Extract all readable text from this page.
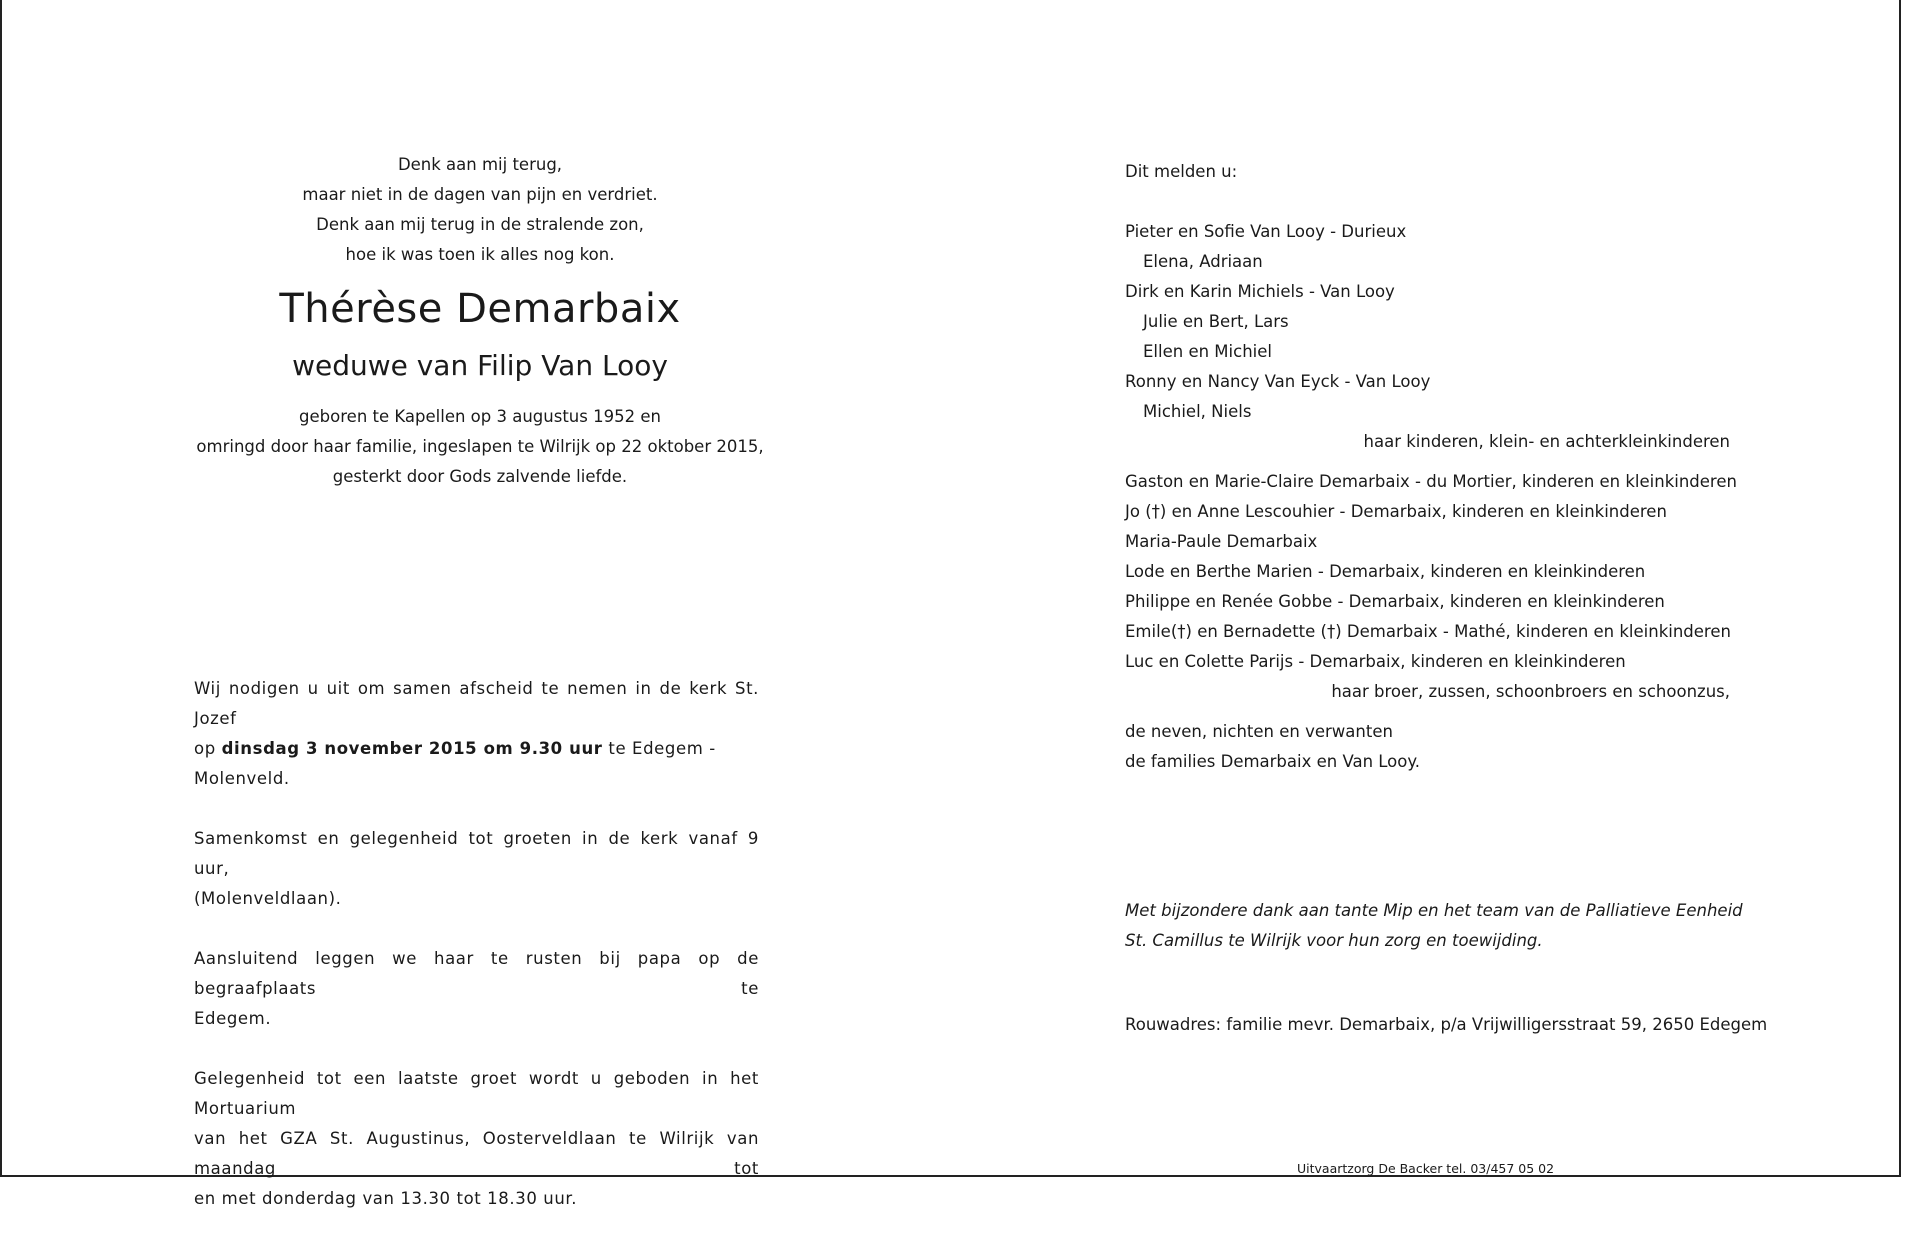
Denk aan mij terug,
maar niet in de dagen van pijn en verdriet.
Denk aan mij terug in de stralende zon,
hoe ik was toen ik alles nog kon.
Thérèse Demarbaix
weduwe van Filip Van Looy
geboren te Kapellen op 3 augustus 1952 en
omringd door haar familie, ingeslapen te Wilrijk op 22 oktober 2015,
gesterkt door Gods zalvende liefde.
Wij nodigen u uit om samen afscheid te nemen in de kerk St. Jozef
op dinsdag 3 november 2015 om 9.30 uur te Edegem - Molenveld.
Samenkomst en gelegenheid tot groeten in de kerk vanaf 9 uur,
(Molenveldlaan).
Aansluitend leggen we haar te rusten bij papa op de begraafplaats te
Edegem.
Gelegenheid tot een laatste groet wordt u geboden in het Mortuarium
van het GZA St. Augustinus, Oosterveldlaan te Wilrijk van maandag tot
en met donderdag van 13.30 tot 18.30 uur.
Dit melden u:
Pieter en Sofie Van Looy - Durieux
Elena, Adriaan
Dirk en Karin Michiels - Van Looy
Julie en Bert, Lars
Ellen en Michiel
Ronny en Nancy Van Eyck - Van Looy
Michiel, Niels
haar kinderen, klein- en achterkleinkinderen
Gaston en Marie-Claire Demarbaix - du Mortier, kinderen en kleinkinderen
Jo (†) en Anne Lescouhier - Demarbaix, kinderen en kleinkinderen
Maria-Paule Demarbaix
Lode en Berthe Marien - Demarbaix, kinderen en kleinkinderen
Philippe en Renée Gobbe - Demarbaix, kinderen en kleinkinderen
Emile(†) en Bernadette (†) Demarbaix - Mathé, kinderen en kleinkinderen
Luc en Colette Parijs - Demarbaix, kinderen en kleinkinderen
haar broer, zussen, schoonbroers en schoonzus,
de neven, nichten en verwanten
de families Demarbaix en Van Looy.
Met bijzondere dank aan tante Mip en het team van de Palliatieve Eenheid
St. Camillus te Wilrijk voor hun zorg en toewijding.
Rouwadres: familie mevr. Demarbaix, p/a Vrijwilligersstraat 59, 2650 Edegem
Uitvaartzorg De Backer tel. 03/457 05 02
